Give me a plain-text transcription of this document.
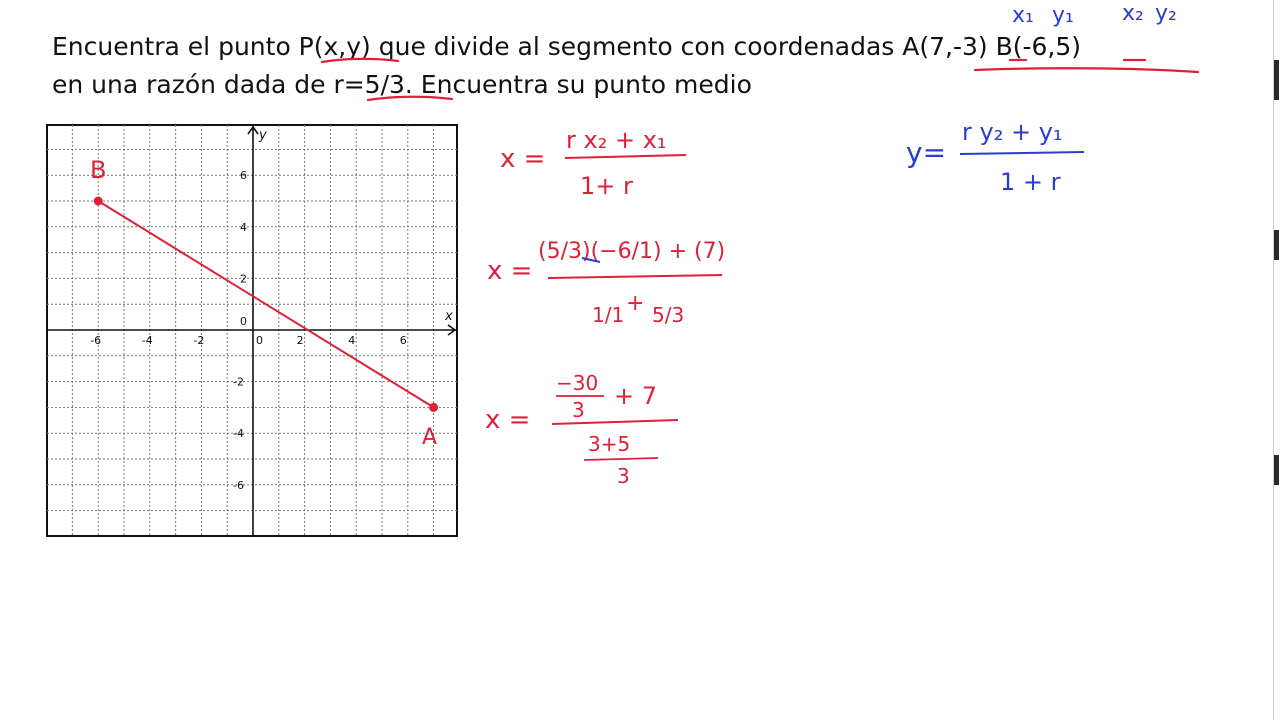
Encuentra el punto P(x,y) que divide al segmento con coordenadas A(7,-3) B(-6,5)
en una razón dada de r=5/3. Encuentra su punto medio
x₁ y₁ x₂ y₂
x
y
-6	-4	-2	0	2	4	6
6
4
2
-2
-4
-6
0
B
A
x =
r x₂ + x₁
1+ r
y=
r y₂ + y₁
1 + r
x =
(5/3)(−6/1) + (7)
1/1 + 5/3
x =
−30
3 + 7
3+5
3
